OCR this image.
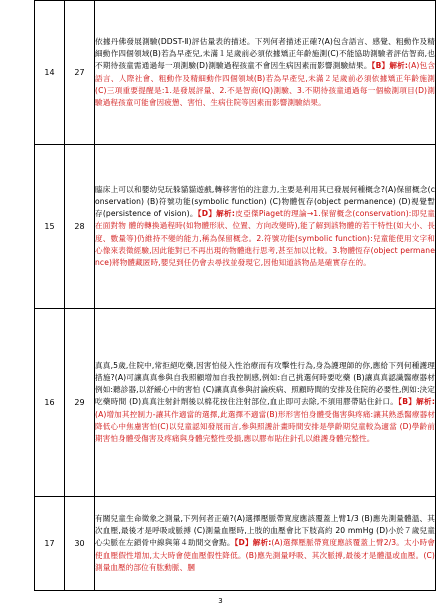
14	27	依據丹佛發展測驗(DDST-Ⅱ)評估量表的描述。下列何者描述正確?(A)包含語言、感覺、粗動作及精細動作四個領域(B)若為早產兒,未滿１足歲前必須依據矯正年齡施測(C)不能協助測驗者評估智商,也不期待孩童需通過每一項測驗(D)測驗過程孩童不會因生病因素而影響測驗結果。【B】解析:(A)包含語言、人際社會、粗動作及精細動作四個領域(B)若為早產兒,未滿２足歲前必須依據矯正年齡施測(C)三項重要提醒是:1.是發展評量、2.不是智商(IQ)測驗、3.不期待孩童通過每一個檢測項目(D)測驗過程孩童可能會因疲憊、害怕、生病住院等因素而影響測驗結果。
15	28	臨床上可以和嬰幼兒玩躲貓貓遊戲,轉移害怕的注意力,主要是利用其已發展何種概念?(A)保留概念(conservation) (B)符號功能(symbolic function) (C)物體恆存(object permanence) (D)視覺暫存(persistence of vision)。【D】解析:皮亞傑Piaget的理論→1.保留概念(conservation):即兒童在面對物 體的轉換過程時(如物體形狀、位置、方向改變時),能了解到該物體的若干特性(如大小、長度、數量等)仍維持不變的能力,稱為保留概念。2.符號功能(symbolic function):兒童能使用文字和心像來表徵經驗,因此能對已不再出現的物體進行思考,甚至加以比較。3.物體恆存(object permanence)將物體藏匿時,嬰兒到任仍會去尋找並發現它,因他知道該物品是確實存在的。
16	29	真真,5歲,住院中,常拒絕吃藥,因害怕侵入性治療而有攻擊性行為,身為護理師的你,應給下列何種護理措施?(A)可讓真真參與自我照顧增加自我控制感,例如:自己挑選何時要吃藥 (B)讓真真認識醫療器材例如:聽診器,以舒緩心中的害怕 (C)讓真真參與討論疾病、照顧時間的安排及住院的必要性,例如:決定吃藥時間 (D)真真注射針劑後以棉花按住注射部位,血止即可去除,不須用膠帶貼住針口。【B】解析:(A)增加其控制力-讓其作適當的選擇,此選擇不適當(B)形形害怕身體受傷害與疼痛:讓其熟悉醫療器材降低心中焦慮害怕(C)以兒童認知發展而言,參與照護計畫時間安排是學齡期兒童較為適當 (D)學齡前期害怕身體受傷害及疼痛與身體完整性受損,應以膠布貼住針孔以維護身體完整性。
17	30	有關兒童生命徵象之測量,下列何者正確?(A)選擇壓脈帶寬度應該覆蓋上臂1/3 (B)應先測量體溫、其次血壓,最後才是呼吸或脈搏 (C)測量血壓時,上肢的血壓會比下肢高約 20 mmHg (D)小於７歲兒童心尖脈在左鎖骨中線與第４助間交會點。【D】解析:(A)選擇壓脈帶寬度應該覆蓋上臂2/3。太小時會使血壓假性增加,太大時會使血壓假性降低。(B)應先測量呼吸、其次脈搏,最後才是體溫或血壓。(C)測量血壓的部位有肱動脈、膕
3
